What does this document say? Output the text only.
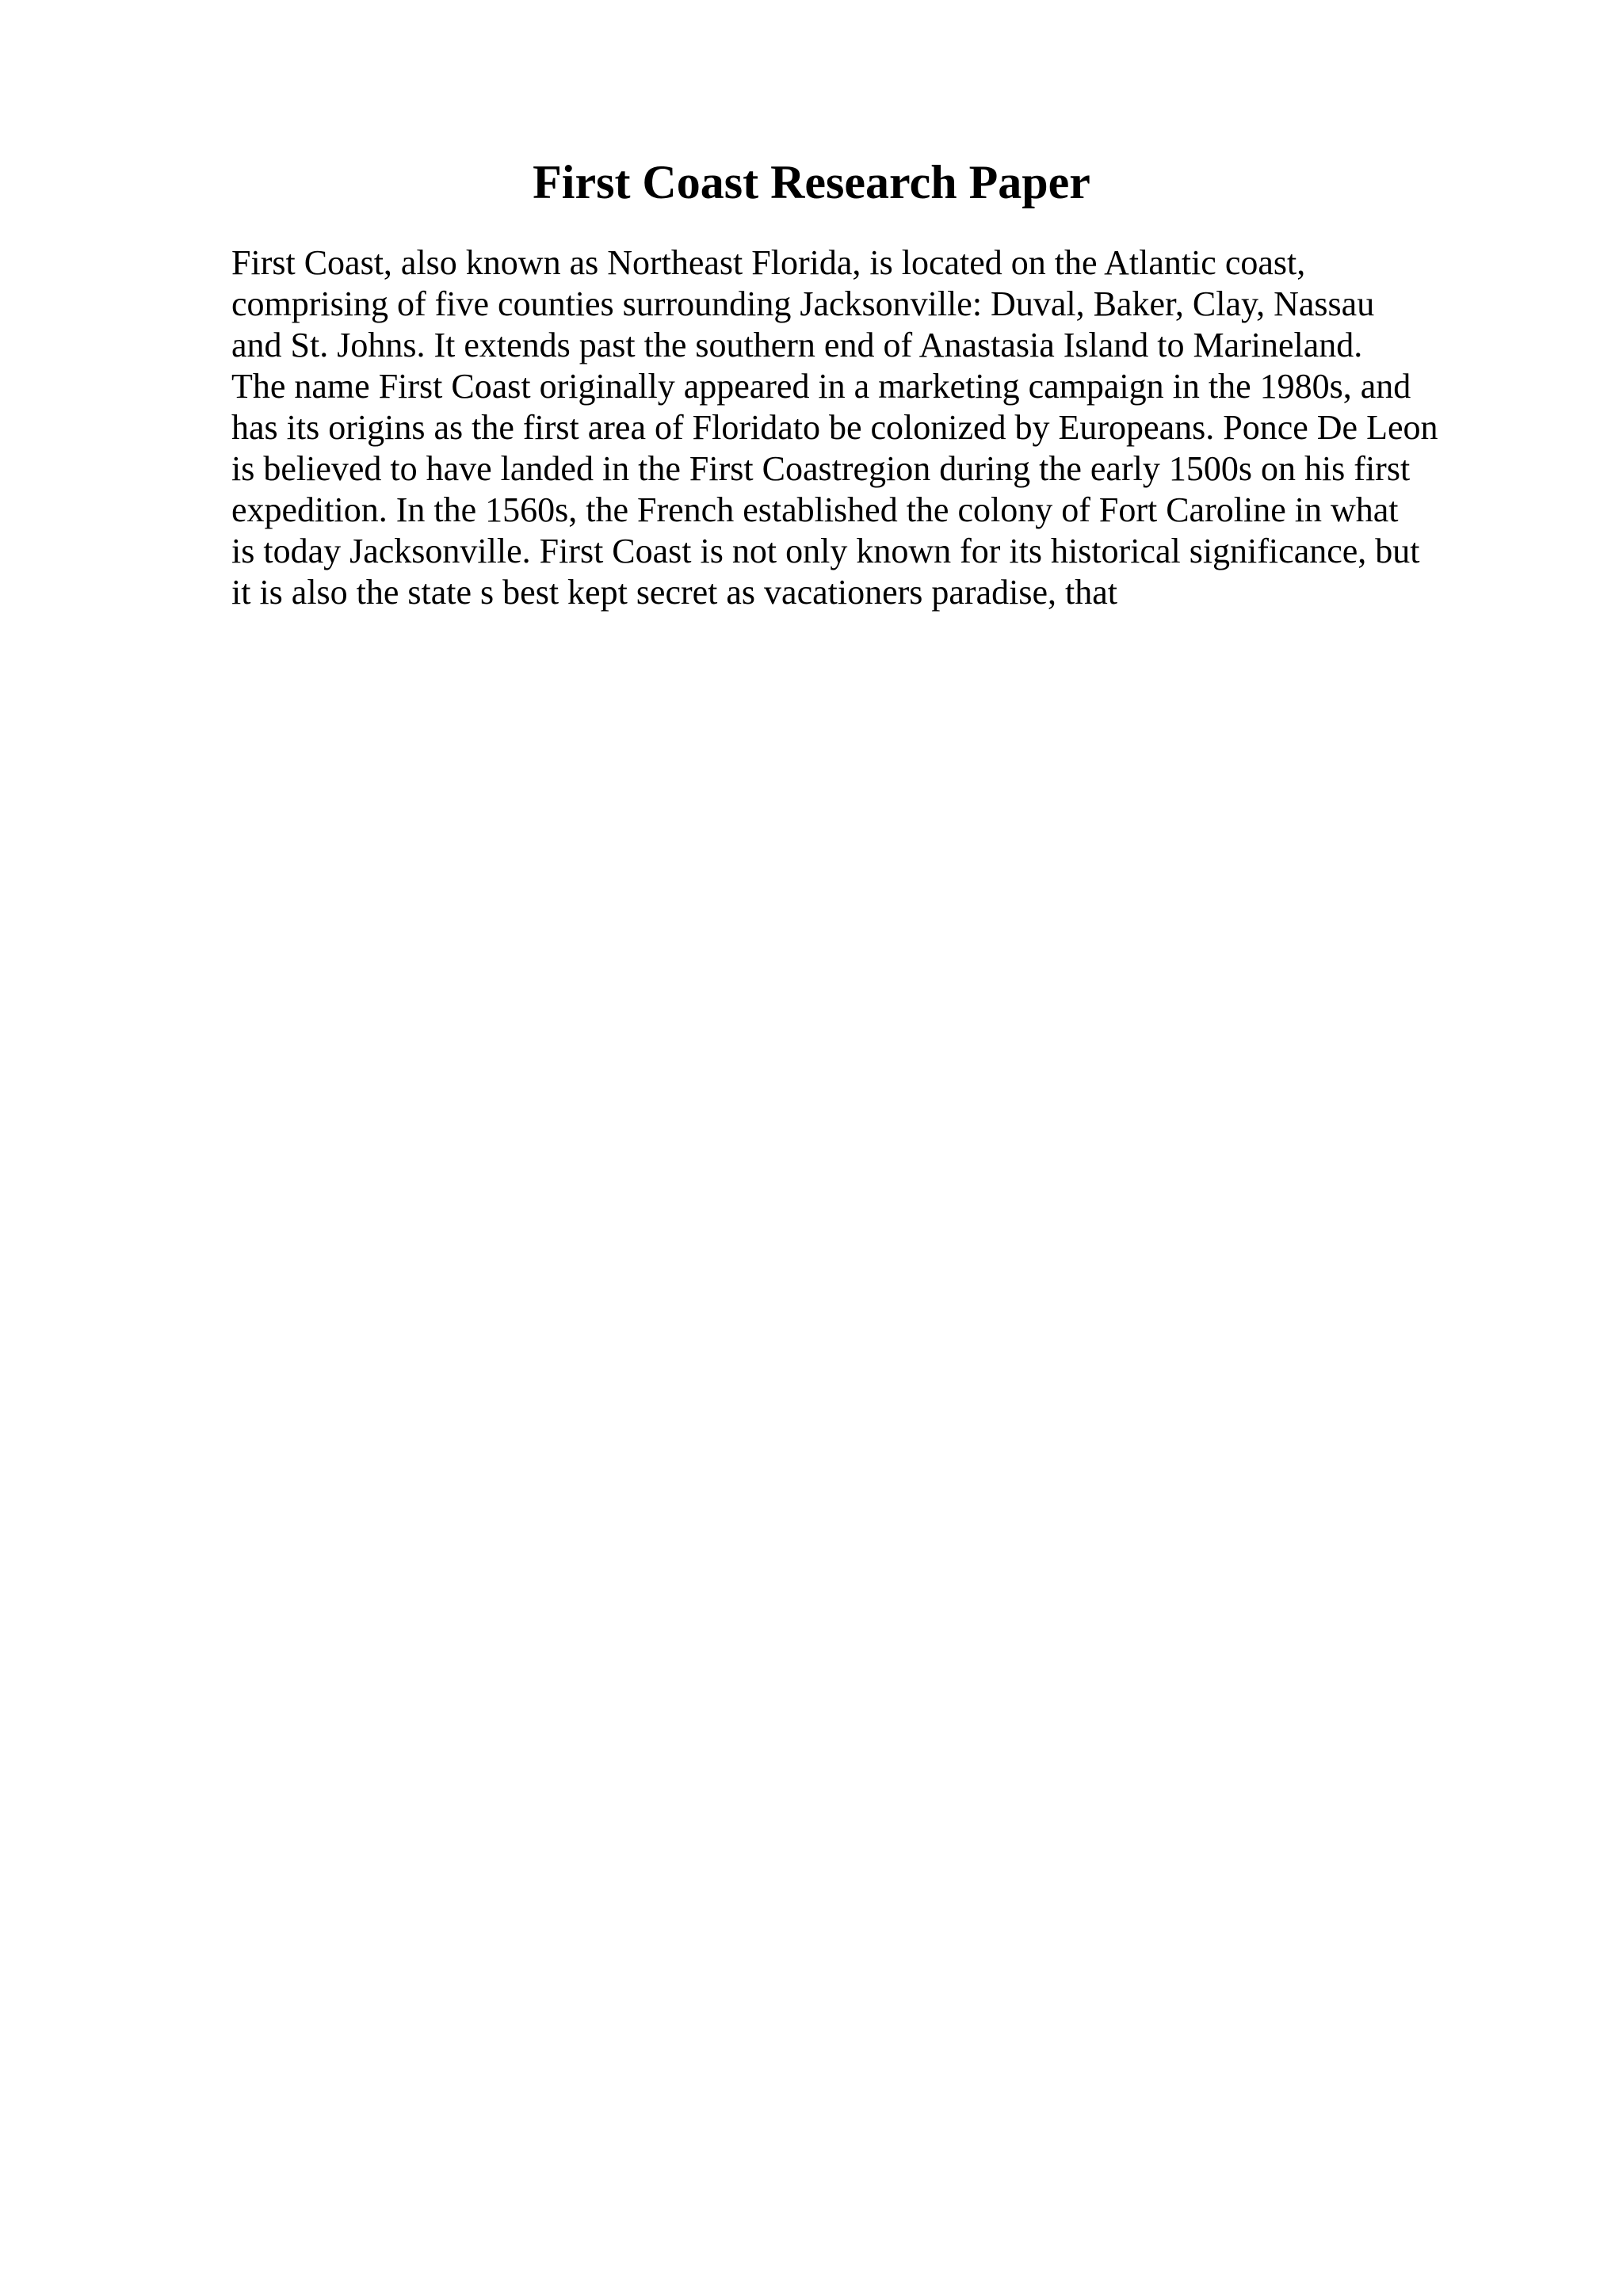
First Coast Research Paper
First Coast, also known as Northeast Florida, is located on the Atlantic coast,
comprising of five counties surrounding Jacksonville: Duval, Baker, Clay, Nassau
and St. Johns. It extends past the southern end of Anastasia Island to Marineland.
The name First Coast originally appeared in a marketing campaign in the 1980s, and
has its origins as the first area of Floridato be colonized by Europeans. Ponce De Leon
is believed to have landed in the First Coastregion during the early 1500s on his first
expedition. In the 1560s, the French established the colony of Fort Caroline in what
is today Jacksonville. First Coast is not only known for its historical significance, but
it is also the state s best kept secret as vacationers paradise, that
